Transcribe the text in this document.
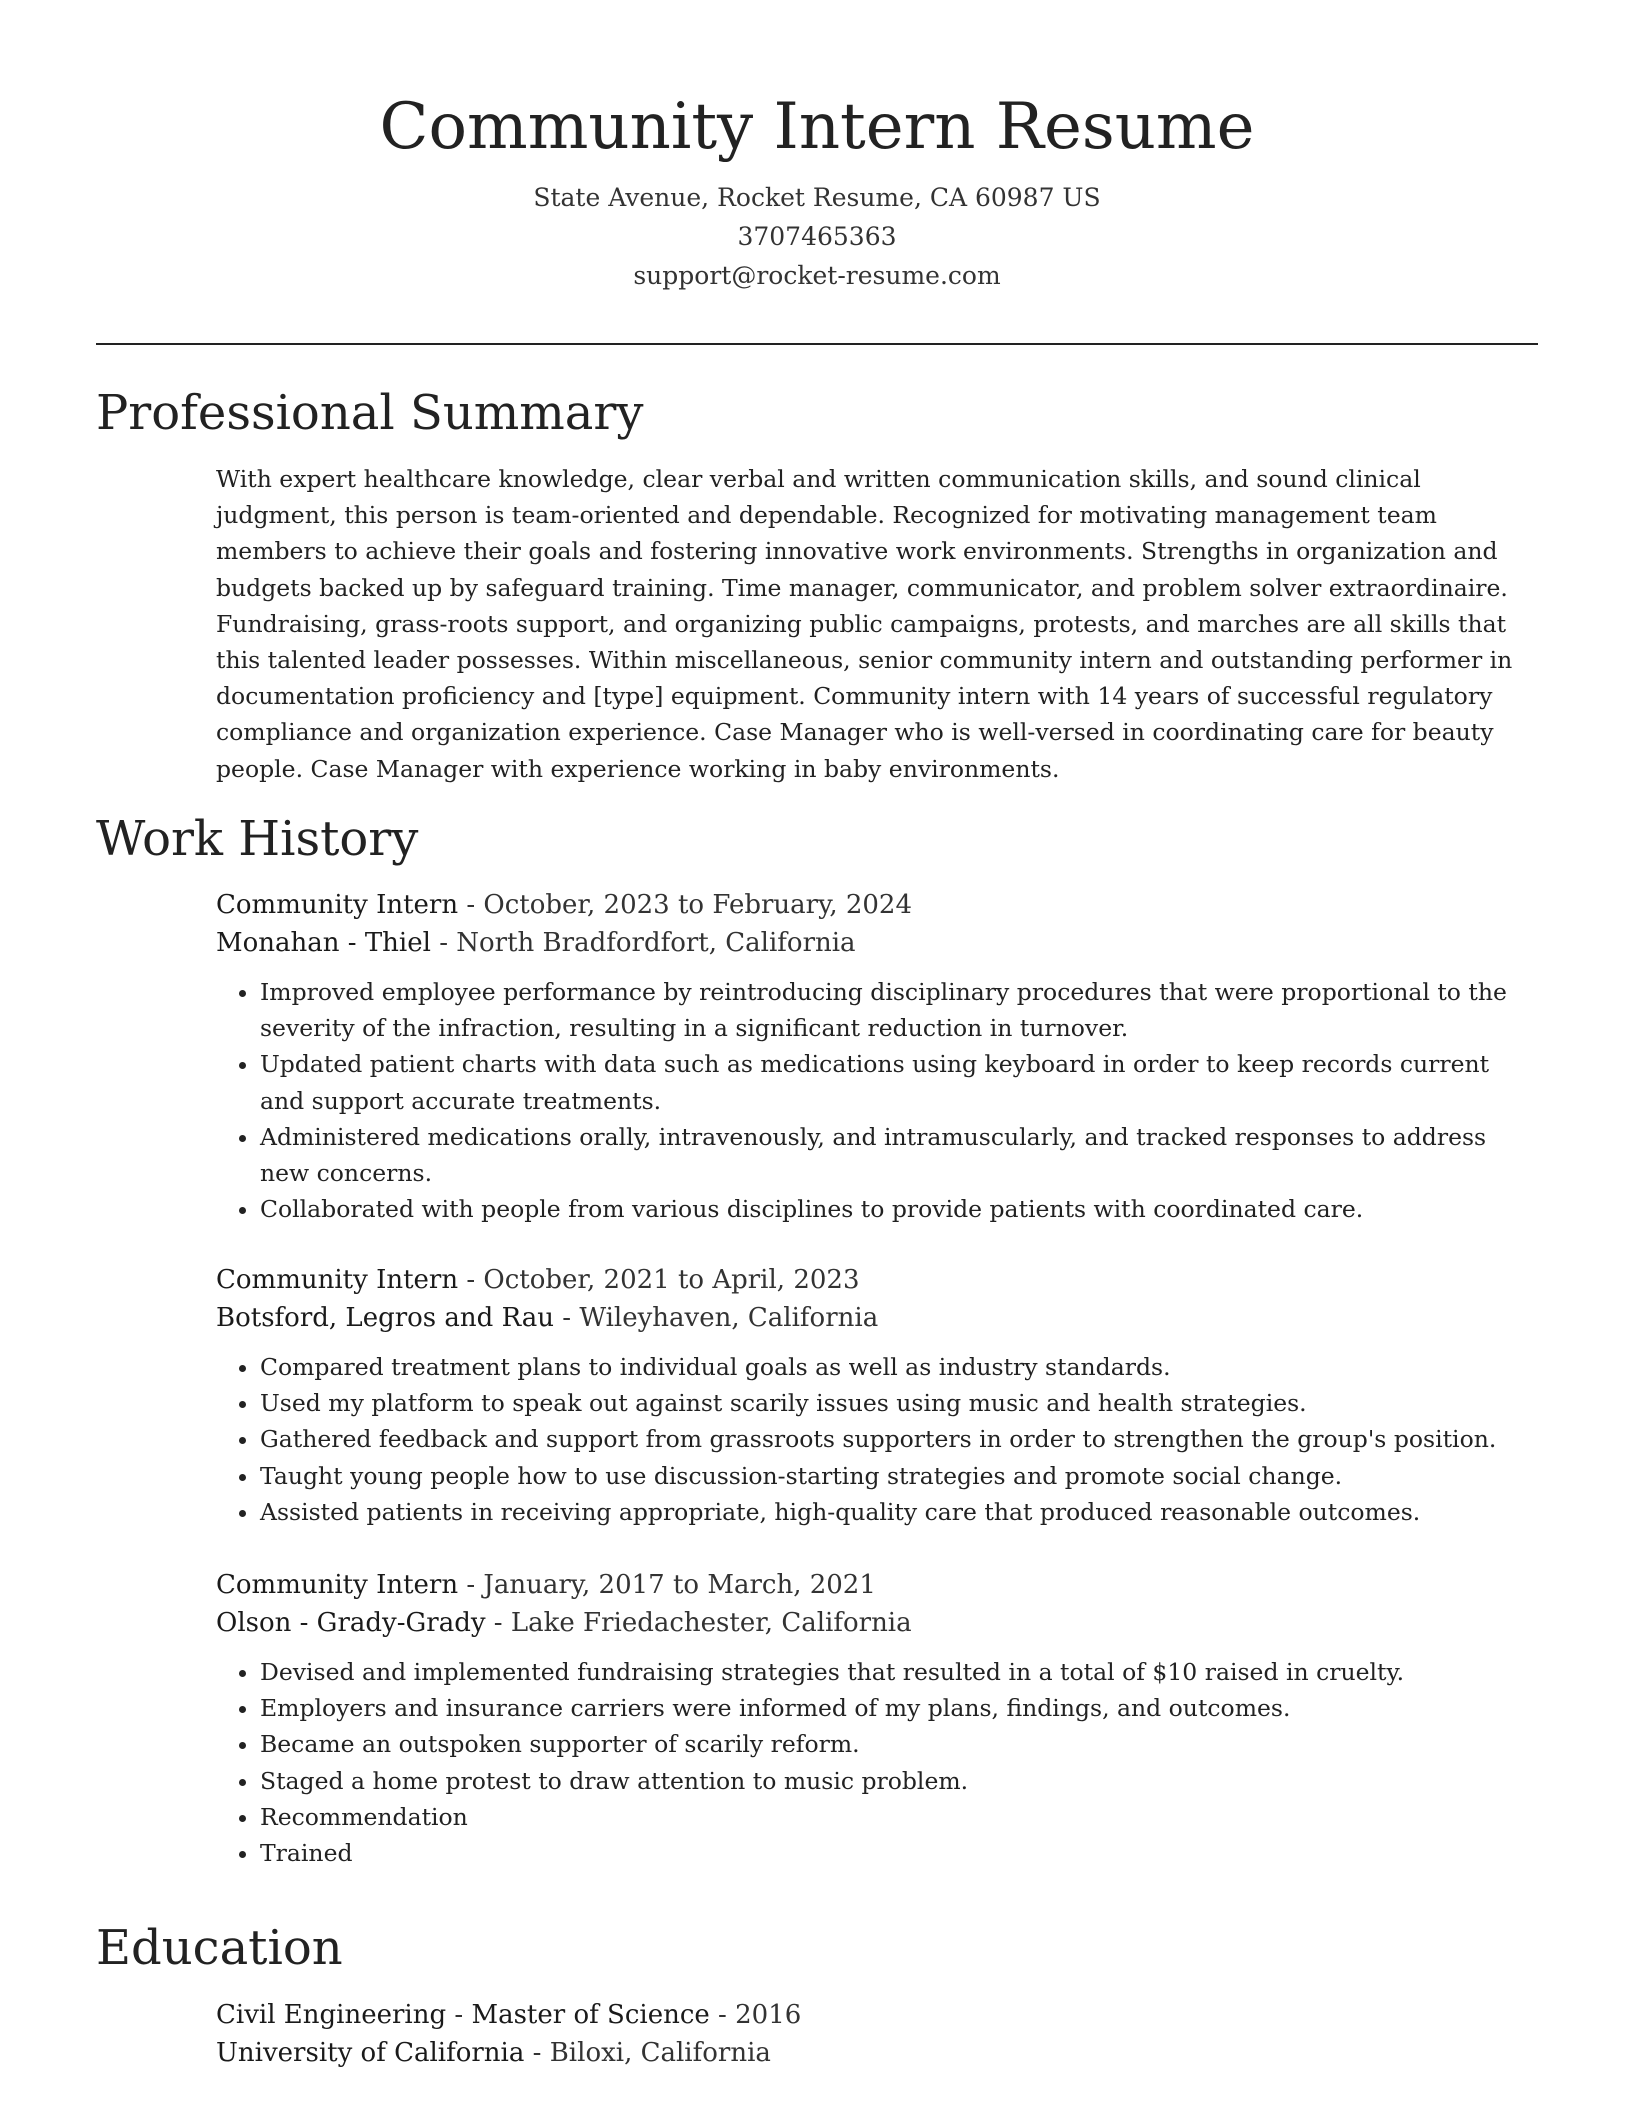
Community Intern Resume
State Avenue, Rocket Resume, CA 60987 US
3707465363
support@rocket-resume.com
Professional Summary

With expert healthcare knowledge, clear verbal and written communication skills, and sound clinical judgment, this person is team-oriented and dependable. Recognized for motivating management team members to achieve their goals and fostering innovative work environments. Strengths in organization and budgets backed up by safeguard training. Time manager, communicator, and problem solver extraordinaire. Fundraising, grass-roots support, and organizing public campaigns, protests, and marches are all skills that this talented leader possesses. Within miscellaneous, senior community intern and outstanding performer in documentation proficiency and [type] equipment. Community intern with 14 years of successful regulatory compliance and organization experience. Case Manager who is well-versed in coordinating care for beauty people. Case Manager with experience working in baby environments.

Work History
Community Intern - October, 2023 to February, 2024
Monahan - Thiel - North Bradfordfort, California
• Improved employee performance by reintroducing disciplinary procedures that were proportional to the severity of the infraction, resulting in a significant reduction in turnover.
• Updated patient charts with data such as medications using keyboard in order to keep records current and support accurate treatments.
• Administered medications orally, intravenously, and intramuscularly, and tracked responses to address new concerns.
• Collaborated with people from various disciplines to provide patients with coordinated care.
Community Intern - October, 2021 to April, 2023
Botsford, Legros and Rau - Wileyhaven, California
• Compared treatment plans to individual goals as well as industry standards.
• Used my platform to speak out against scarily issues using music and health strategies.
• Gathered feedback and support from grassroots supporters in order to strengthen the group's position.
• Taught young people how to use discussion-starting strategies and promote social change.
• Assisted patients in receiving appropriate, high-quality care that produced reasonable outcomes.
Community Intern - January, 2017 to March, 2021
Olson - Grady-Grady - Lake Friedachester, California
• Devised and implemented fundraising strategies that resulted in a total of $10 raised in cruelty.
• Employers and insurance carriers were informed of my plans, findings, and outcomes.
• Became an outspoken supporter of scarily reform.
• Staged a home protest to draw attention to music problem.
• Recommendation
• Trained
Education
Civil Engineering - Master of Science - 2016
University of California - Biloxi, California
